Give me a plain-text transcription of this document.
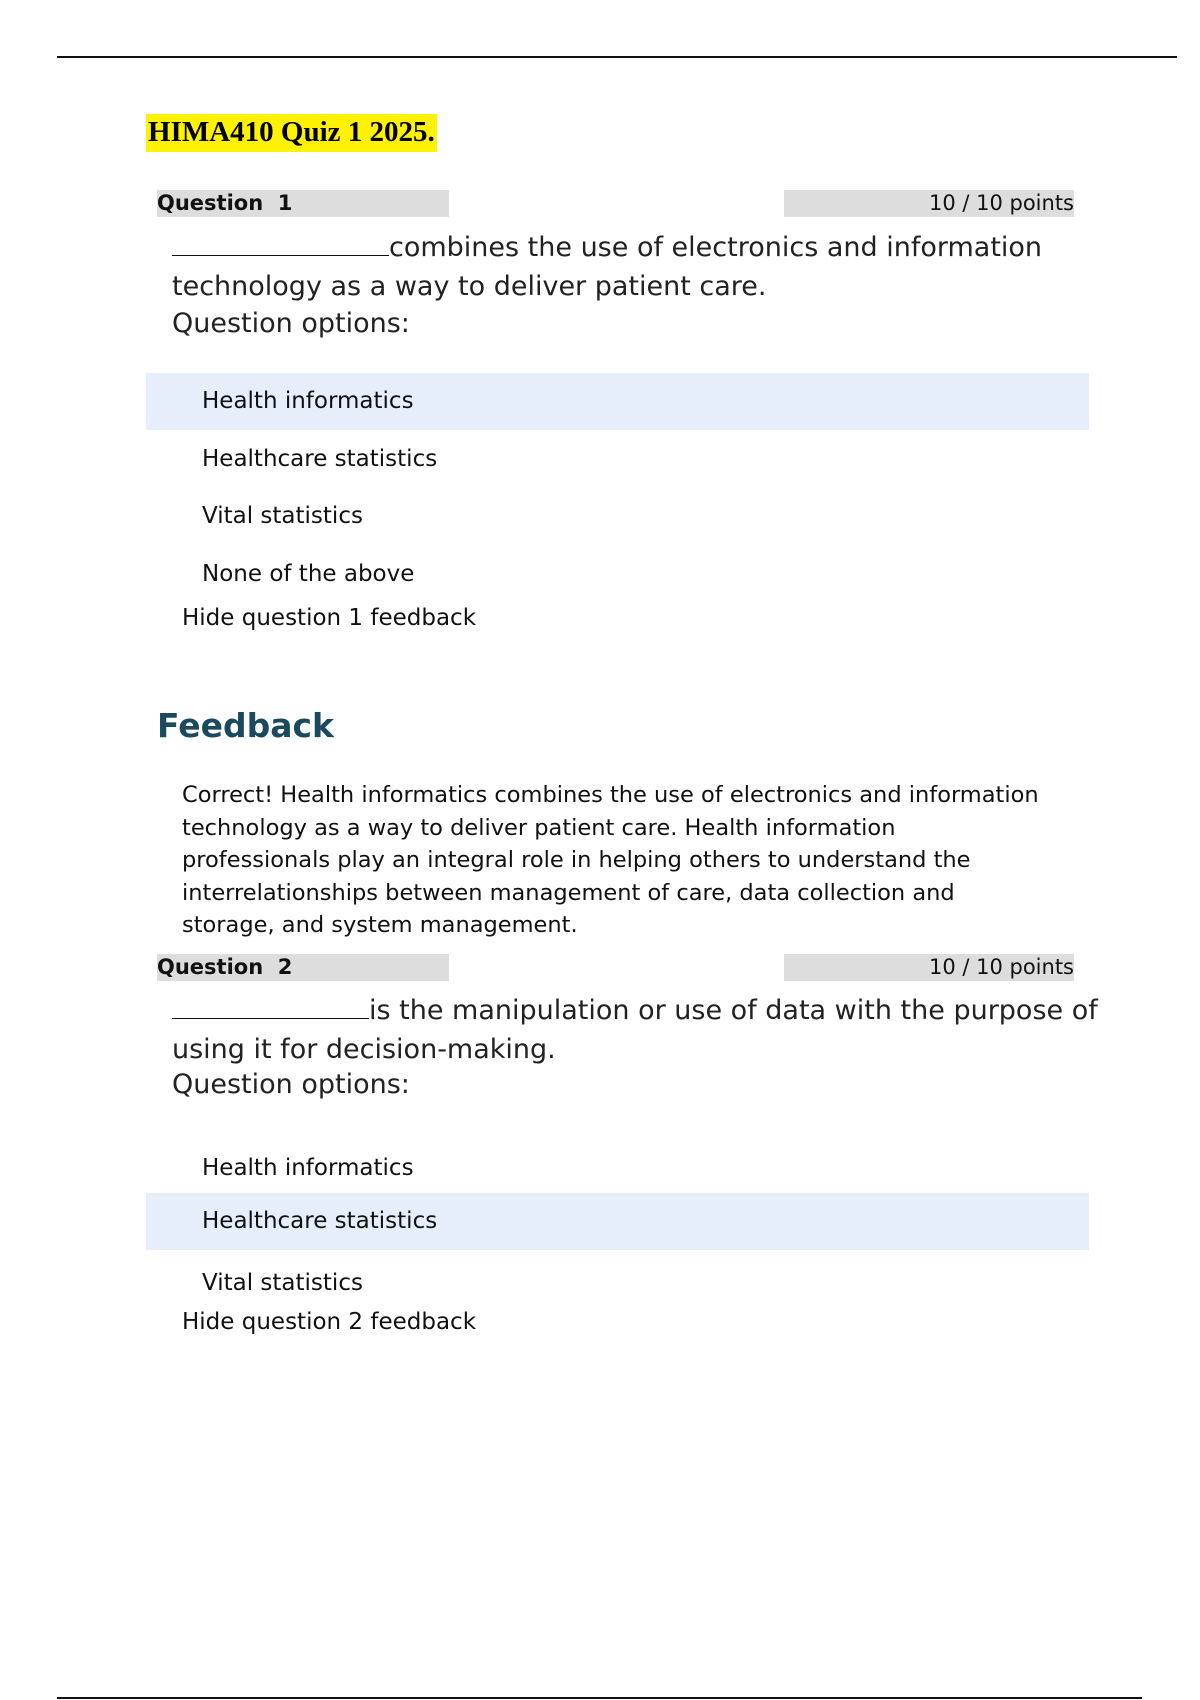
HIMA410 Quiz 1 2025.
Question  1	10 / 10 points

combines the use of electronics and information technology as a way to deliver patient care.

Question options:

Health informatics
Healthcare statistics
Vital statistics
None of the above
Hide question 1 feedback
Feedback

Correct! Health informatics combines the use of electronics and information technology as a way to deliver patient care. Health information professionals play an integral role in helping others to understand the interrelationships between management of care, data collection and storage, and system management.

Question  2	10 / 10 points

is the manipulation or use of data with the purpose of using it for decision-making.

Question options:

Health informatics
Healthcare statistics
Vital statistics
Hide question 2 feedback
